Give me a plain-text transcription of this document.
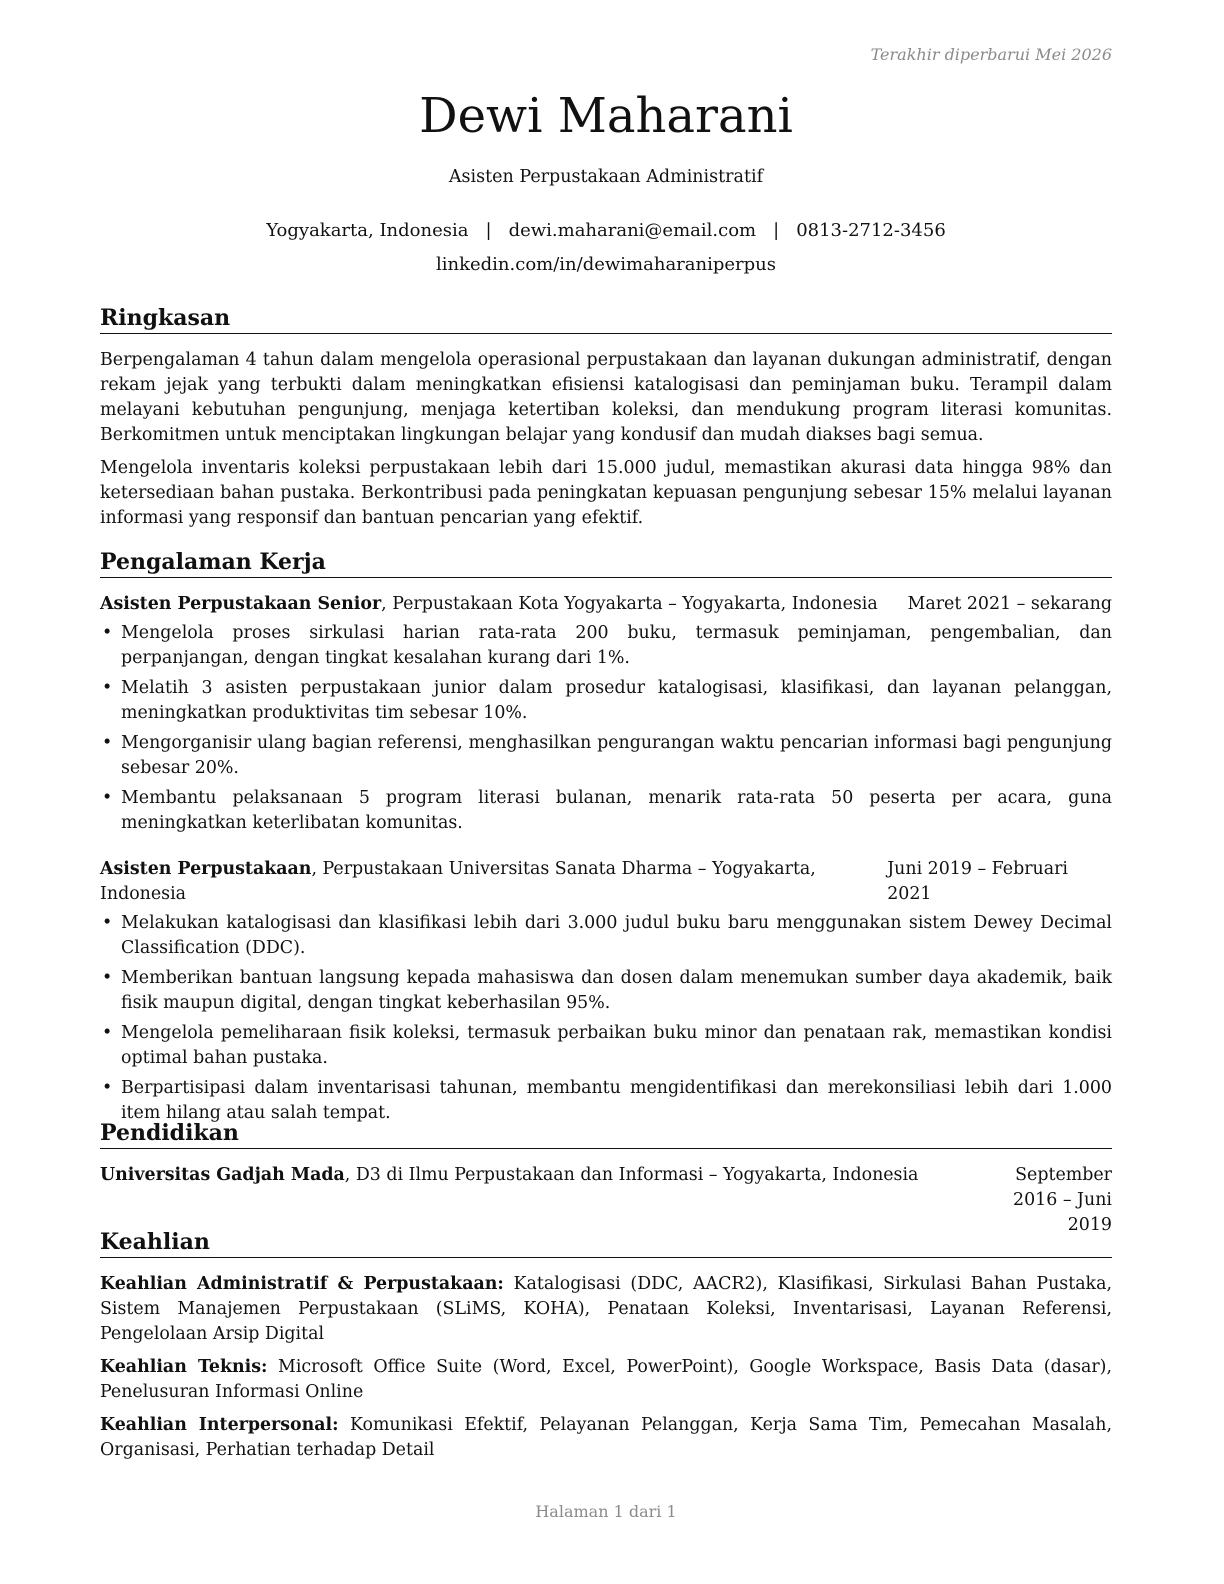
Terakhir diperbarui Mei 2026
Dewi Maharani
Asisten Perpustakaan Administratif
Yogyakarta, Indonesia | dewi.maharani@email.com | 0813-2712-3456
linkedin.com/in/dewimaharaniperpus
Ringkasan

Berpengalaman 4 tahun dalam mengelola operasional perpustakaan dan layanan dukungan administratif, dengan rekam jejak yang terbukti dalam meningkatkan efisiensi katalogisasi dan peminjaman buku. Terampil dalam melayani kebutuhan pengunjung, menjaga ketertiban koleksi, dan mendukung program literasi komunitas. Berkomitmen untuk menciptakan lingkungan belajar yang kondusif dan mudah diakses bagi semua.

Mengelola inventaris koleksi perpustakaan lebih dari 15.000 judul, memastikan akurasi data hingga 98% dan ketersediaan bahan pustaka. Berkontribusi pada peningkatan kepuasan pengunjung sebesar 15% melalui layanan informasi yang responsif dan bantuan pencarian yang efektif.

Pengalaman Kerja
Asisten Perpustakaan Senior, Perpustakaan Kota Yogyakarta – Yogyakarta, Indonesia Maret 2021 – sekarang
• Mengelola proses sirkulasi harian rata-rata 200 buku, termasuk peminjaman, pengembalian, dan perpanjangan, dengan tingkat kesalahan kurang dari 1%.
• Melatih 3 asisten perpustakaan junior dalam prosedur katalogisasi, klasifikasi, dan layanan pelanggan, meningkatkan produktivitas tim sebesar 10%.
• Mengorganisir ulang bagian referensi, menghasilkan pengurangan waktu pencarian informasi bagi pengunjung sebesar 20%.
• Membantu pelaksanaan 5 program literasi bulanan, menarik rata-rata 50 peserta per acara, guna meningkatkan keterlibatan komunitas.
Asisten Perpustakaan, Perpustakaan Universitas Sanata Dharma – Yogyakarta, Indonesia
Juni 2019 – Februari 2021
• Melakukan katalogisasi dan klasifikasi lebih dari 3.000 judul buku baru menggunakan sistem Dewey Decimal Classification (DDC).
• Memberikan bantuan langsung kepada mahasiswa dan dosen dalam menemukan sumber daya akademik, baik fisik maupun digital, dengan tingkat keberhasilan 95%.
• Mengelola pemeliharaan fisik koleksi, termasuk perbaikan buku minor dan penataan rak, memastikan kondisi optimal bahan pustaka.
• Berpartisipasi dalam inventarisasi tahunan, membantu mengidentifikasi dan merekonsiliasi lebih dari 1.000 item hilang atau salah tempat.
Pendidikan
Universitas Gadjah Mada, D3 di Ilmu Perpustakaan dan Informasi – Yogyakarta, Indonesia	September 2016 – Juni 2019
Keahlian
Keahlian Administratif & Perpustakaan: Katalogisasi (DDC, AACR2), Klasifikasi, Sirkulasi Bahan Pustaka, Sistem Manajemen Perpustakaan (SLiMS, KOHA), Penataan Koleksi, Inventarisasi, Layanan Referensi, Pengelolaan Arsip Digital
Keahlian Teknis: Microsoft Office Suite (Word, Excel, PowerPoint), Google Workspace, Basis Data (dasar), Penelusuran Informasi Online
Keahlian Interpersonal: Komunikasi Efektif, Pelayanan Pelanggan, Kerja Sama Tim, Pemecahan Masalah, Organisasi, Perhatian terhadap Detail
Halaman 1 dari 1
